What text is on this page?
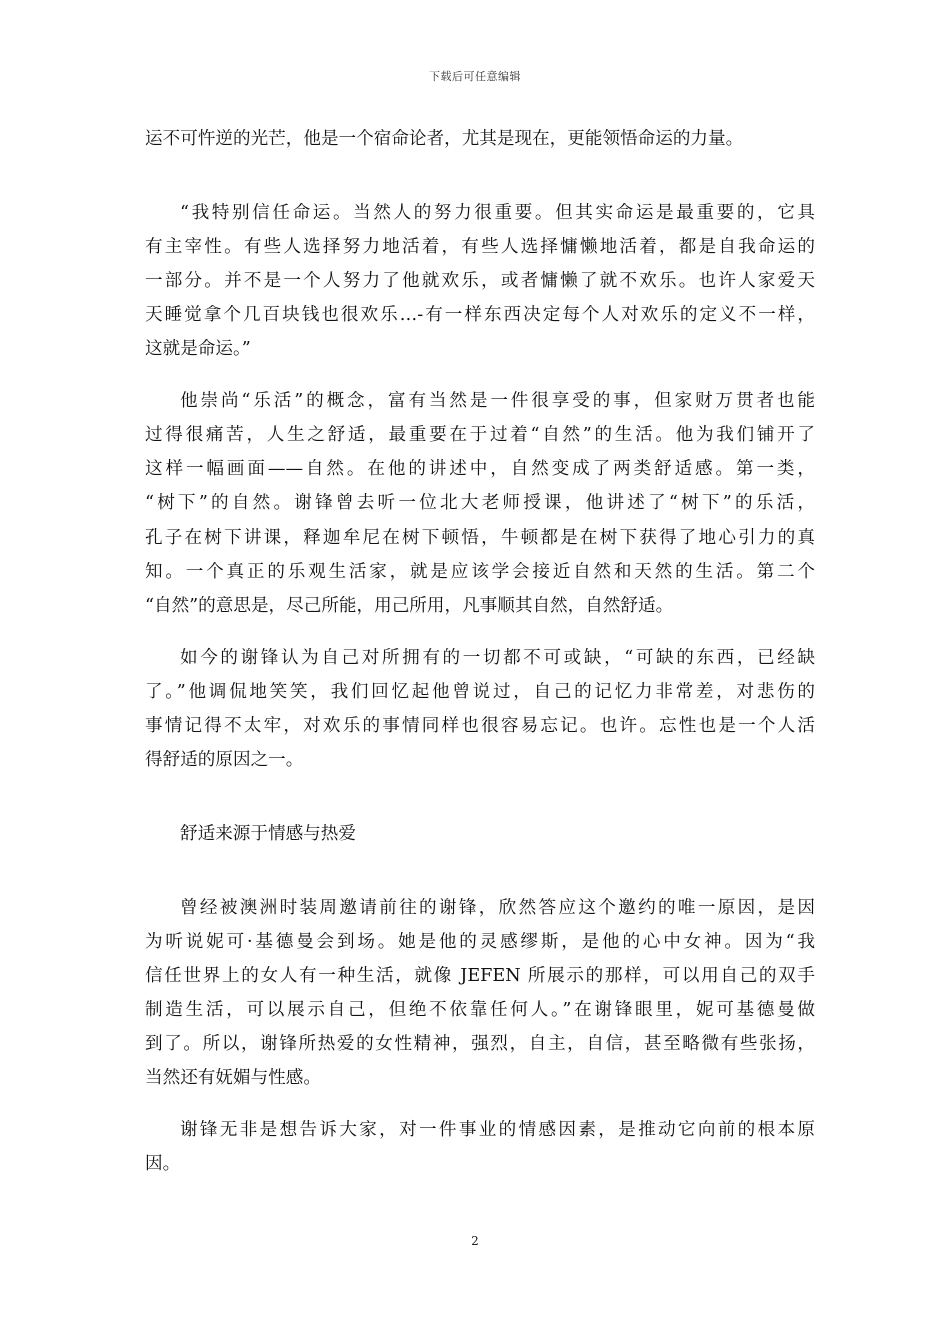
下载后可任意编辑
运不可忤逆的光芒，他是一个宿命论者，尤其是现在，更能领悟命运的力量。
“我特别信任命运。当然人的努力很重要。但其实命运是最重要的，它具
有主宰性。有些人选择努力地活着，有些人选择慵懒地活着，都是自我命运的
一部分。并不是一个人努力了他就欢乐，或者慵懒了就不欢乐。也许人家爱天
天睡觉拿个几百块钱也很欢乐…-有一样东西决定每个人对欢乐的定义不一样，
这就是命运。”
他崇尚“乐活”的概念，富有当然是一件很享受的事，但家财万贯者也能
过得很痛苦，人生之舒适，最重要在于过着“自然”的生活。他为我们铺开了
这样一幅画面——自然。在他的讲述中，自然变成了两类舒适感。第一类，
“树下”的自然。谢锋曾去听一位北大老师授课，他讲述了“树下”的乐活，
孔子在树下讲课，释迦牟尼在树下顿悟，牛顿都是在树下获得了地心引力的真
知。一个真正的乐观生活家，就是应该学会接近自然和天然的生活。第二个
“自然”的意思是，尽己所能，用己所用，凡事顺其自然，自然舒适。
如今的谢锋认为自己对所拥有的一切都不可或缺，“可缺的东西，已经缺
了。”他调侃地笑笑，我们回忆起他曾说过，自己的记忆力非常差，对悲伤的
事情记得不太牢，对欢乐的事情同样也很容易忘记。也许。忘性也是一个人活
得舒适的原因之一。
舒适来源于情感与热爱
曾经被澳洲时装周邀请前往的谢锋，欣然答应这个邀约的唯一原因，是因
为听说妮可·基德曼会到场。她是他的灵感缪斯，是他的心中女神。因为“我
信任世界上的女人有一种生活，就像 JEFEN 所展示的那样，可以用自己的双手
制造生活，可以展示自己，但绝不依靠任何人。”在谢锋眼里，妮可基德曼做
到了。所以，谢锋所热爱的女性精神，强烈，自主，自信，甚至略微有些张扬，
当然还有妩媚与性感。
谢锋无非是想告诉大家，对一件事业的情感因素，是推动它向前的根本原
因。
2
